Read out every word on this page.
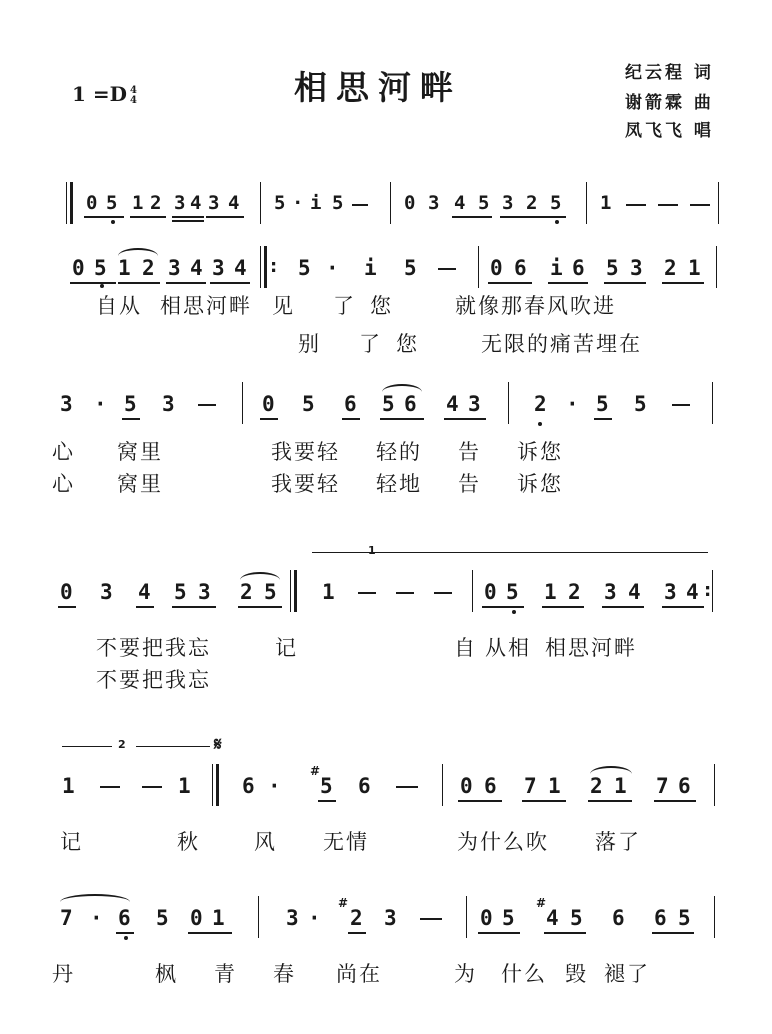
1 =D 4
4	相思河畔	纪云程 词
谢箭霖 曲
凤飞飞 唱
0 5 1 2 3 4 3 4 5 · i 5	0 3 4 5 3 2 5 1
0 5 1 2 3 4 3 4 : 5 · i 5	0 6 i 6 5 3 2 1
自从 相思河畔 见 了 您	就像那春风吹进
别 了 您	无限的痛苦埋在
3 · 5 3	0 5 6 5 6 4 3	2 · 5 5
心 窝里	我要轻 轻的 告 诉您
心 窝里	我要轻 轻地 告 诉您
1
0 3 4 5 3 2 5 1	0 5 1 2 3 4 3 4 :
不要把我忘	记	自 从相 相思河畔
不要把我忘
2	𝄋
1	1 6 ·
#
5 6	0 6 7 1 2 1 7 6
记	秋	风 无情	为什么吹 落了
7 · 6 5 0 1	3 ·
#
2 3	0 5
#
4 5 6 6 5
丹	枫 青 春 尚在	为 什么 毁 褪了
